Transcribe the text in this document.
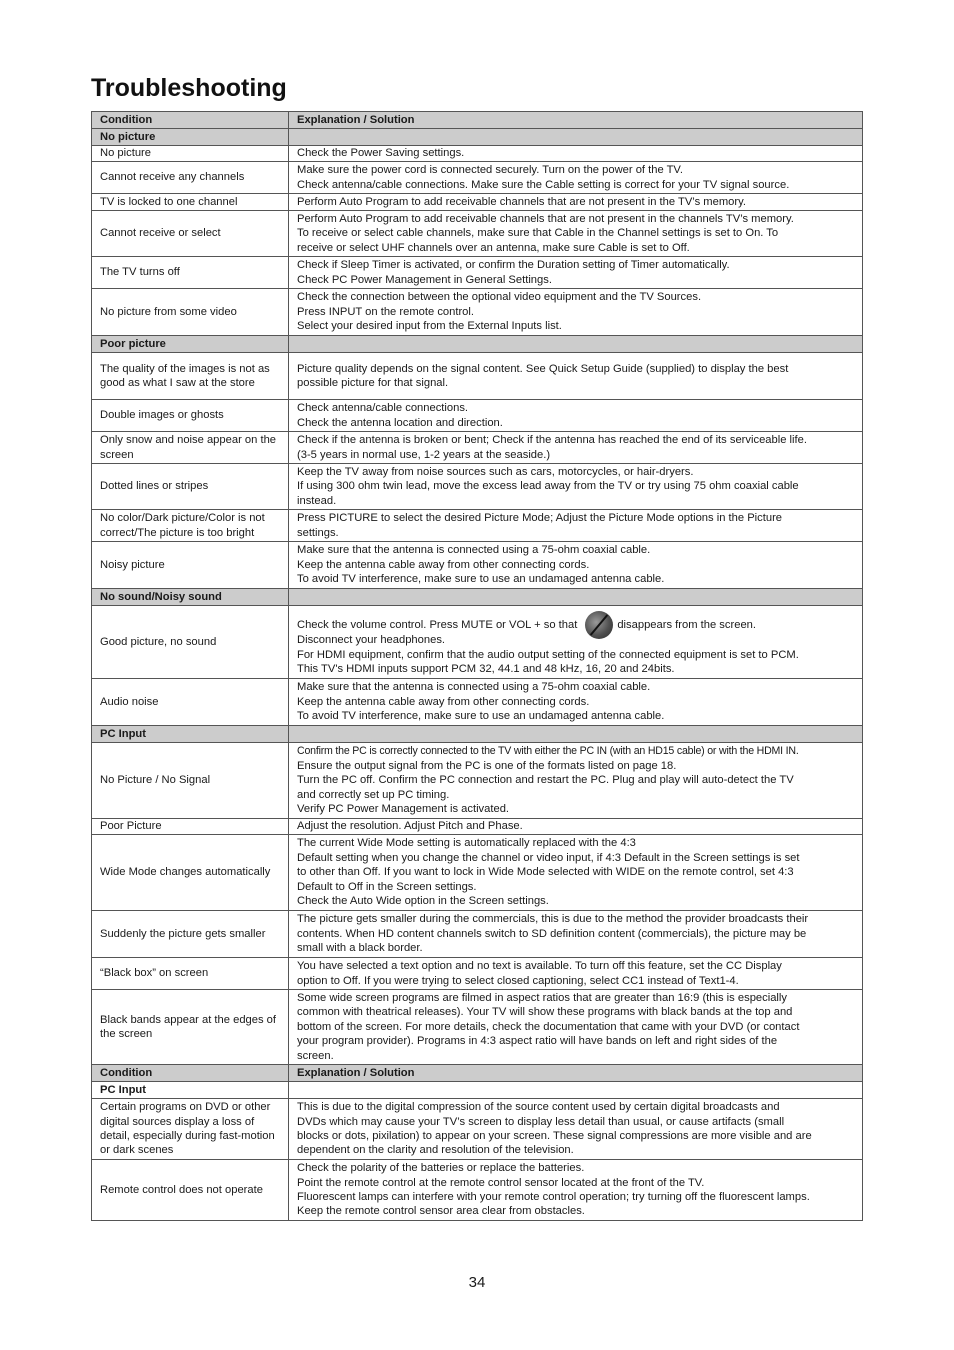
Troubleshooting
Condition	Explanation / Solution
No picture	

No picture	Check the Power Saving settings.

Cannot receive any channels	Make sure the power cord is connected securely. Turn on the power of the TV.
Check antenna/cable connections. Make sure the Cable setting is correct for your TV signal source.

TV is locked to one channel	Perform Auto Program to add receivable channels that are not present in the TV’s memory.

Cannot receive or select	Perform Auto Program to add receivable channels that are not present in the channels TV’s memory.
To receive or select cable channels, make sure that Cable in the Channel settings is set to On. To
receive or select UHF channels over an antenna, make sure Cable is set to Off.

The TV turns off	Check if Sleep Timer is activated, or confirm the Duration setting of Timer automatically.
Check PC Power Management in General Settings.

No picture from some video	Check the connection between the optional video equipment and the TV Sources.
Press INPUT on the remote control.
Select your desired input from the External Inputs list.

Poor picture	

The quality of the images is not as good as what I saw at the store	Picture quality depends on the signal content. See Quick Setup Guide (supplied) to display the best
possible picture for that signal.

Double images or ghosts	Check antenna/cable connections.
Check the antenna location and direction.

Only snow and noise appear on the screen	Check if the antenna is broken or bent; Check if the antenna has reached the end of its serviceable life.
(3-5 years in normal use, 1-2 years at the seaside.)

Dotted lines or stripes	Keep the TV away from noise sources such as cars, motorcycles, or hair-dryers.
If using 300 ohm twin lead, move the excess lead away from the TV or try using 75 ohm coaxial cable
instead.

No color/Dark picture/Color is not correct/The picture is too bright	Press PICTURE to select the desired Picture Mode; Adjust the Picture Mode options in the Picture
settings.

Noisy picture	Make sure that the antenna is connected using a 75-ohm coaxial cable.
Keep the antenna cable away from other connecting cords.
To avoid TV interference, make sure to use an undamaged antenna cable.

No sound/Noisy sound	

Good picture, no sound	Check the volume control. Press MUTE or VOL + so that disappears from the screen.
Disconnect your headphones.
For HDMI equipment, confirm that the audio output setting of the connected equipment is set to PCM.
This TV's HDMI inputs support PCM 32, 44.1 and 48 kHz, 16, 20 and 24bits.

Audio noise	Make sure that the antenna is connected using a 75-ohm coaxial cable.
Keep the antenna cable away from other connecting cords.
To avoid TV interference, make sure to use an undamaged antenna cable.

PC Input	

No Picture / No Signal	Confirm the PC is correctly connected to the TV with either the PC IN (with an HD15 cable) or with the HDMI IN.
Ensure the output signal from the PC is one of the formats listed on page 18.
Turn the PC off. Confirm the PC connection and restart the PC. Plug and play will auto-detect the TV
and correctly set up PC timing.
Verify PC Power Management is activated.

Poor Picture	Adjust the resolution. Adjust Pitch and Phase.

Wide Mode changes automatically	The current Wide Mode setting is automatically replaced with the 4:3
Default setting when you change the channel or video input, if 4:3 Default in the Screen settings is set
to other than Off. If you want to lock in Wide Mode selected with WIDE on the remote control, set 4:3
Default to Off in the Screen settings.
Check the Auto Wide option in the Screen settings.

Suddenly the picture gets smaller	The picture gets smaller during the commercials, this is due to the method the provider broadcasts their
contents. When HD content channels switch to SD definition content (commercials), the picture may be
small with a black border.

“Black box” on screen	You have selected a text option and no text is available. To turn off this feature, set the CC Display
option to Off. If you were trying to select closed captioning, select CC1 instead of Text1-4.

Black bands appear at the edges of the screen	Some wide screen programs are filmed in aspect ratios that are greater than 16:9 (this is especially
common with theatrical releases). Your TV will show these programs with black bands at the top and
bottom of the screen. For more details, check the documentation that came with your DVD (or contact
your program provider). Programs in 4:3 aspect ratio will have bands on left and right sides of the
screen.

Condition	Explanation / Solution
PC Input	

Certain programs on DVD or other digital sources display a loss of detail, especially during fast-motion or dark scenes	This is due to the digital compression of the source content used by certain digital broadcasts and
DVDs which may cause your TV’s screen to display less detail than usual, or cause artifacts (small
blocks or dots, pixilation) to appear on your screen. These signal compressions are more visible and are
dependent on the clarity and resolution of the television.

Remote control does not operate	Check the polarity of the batteries or replace the batteries.
Point the remote control at the remote control sensor located at the front of the TV.
Fluorescent lamps can interfere with your remote control operation; try turning off the fluorescent lamps.
Keep the remote control sensor area clear from obstacles.
34
